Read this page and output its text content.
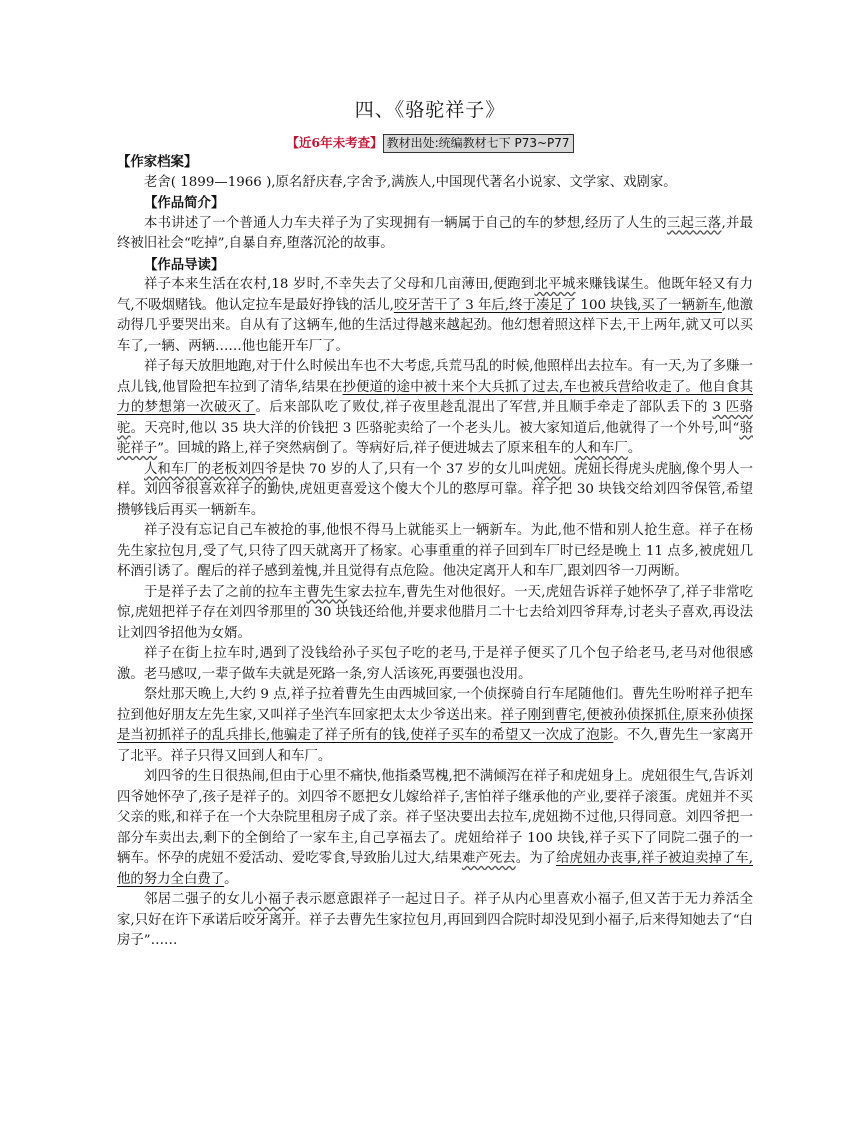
四、《骆驼祥子》
【近6年未考查】 教材出处:统编教材七下 P73~P77
【作家档案】

老舍( 1899—1966 ),原名舒庆春,字舍予,满族人,中国现代著名小说家、文学家、戏剧家。

【作品简介】

本书讲述了一个普通人力车夫祥子为了实现拥有一辆属于自己的车的梦想,经历了人生的三起三落,并最终被旧社会“吃掉”,自暴自弃,堕落沉沦的故事。

【作品导读】

祥子本来生活在农村,18 岁时,不幸失去了父母和几亩薄田,便跑到北平城来赚钱谋生。他既年轻又有力气,不吸烟赌钱。他认定拉车是最好挣钱的活儿,咬牙苦干了 3 年后,终于凑足了 100 块钱,买了一辆新车,他激动得几乎要哭出来。自从有了这辆车,他的生活过得越来越起劲。他幻想着照这样下去,干上两年,就又可以买车了,一辆、两辆……他也能开车厂了。

祥子每天放胆地跑,对于什么时候出车也不大考虑,兵荒马乱的时候,他照样出去拉车。有一天,为了多赚一点儿钱,他冒险把车拉到了清华,结果在抄便道的途中被十来个大兵抓了过去,车也被兵营给收走了。他自食其力的梦想第一次破灭了。后来部队吃了败仗,祥子夜里趁乱混出了军营,并且顺手牵走了部队丢下的 3 匹骆驼。天亮时,他以 35 块大洋的价钱把 3 匹骆驼卖给了一个老头儿。被大家知道后,他就得了一个外号,叫“骆驼祥子”。回城的路上,祥子突然病倒了。等病好后,祥子便进城去了原来租车的人和车厂。

人和车厂的老板刘四爷是快 70 岁的人了,只有一个 37 岁的女儿叫虎妞。虎妞长得虎头虎脑,像个男人一样。刘四爷很喜欢祥子的勤快,虎妞更喜爱这个傻大个儿的憨厚可靠。祥子把 30 块钱交给刘四爷保管,希望攒够钱后再买一辆新车。

祥子没有忘记自己车被抢的事,他恨不得马上就能买上一辆新车。为此,他不惜和别人抢生意。祥子在杨先生家拉包月,受了气,只待了四天就离开了杨家。心事重重的祥子回到车厂时已经是晚上 11 点多,被虎妞几杯酒引诱了。醒后的祥子感到羞愧,并且觉得有点危险。他决定离开人和车厂,跟刘四爷一刀两断。

于是祥子去了之前的拉车主曹先生家去拉车,曹先生对他很好。一天,虎妞告诉祥子她怀孕了,祥子非常吃惊,虎妞把祥子存在刘四爷那里的 30 块钱还给他,并要求他腊月二十七去给刘四爷拜寿,讨老头子喜欢,再设法让刘四爷招他为女婿。

祥子在街上拉车时,遇到了没钱给孙子买包子吃的老马,于是祥子便买了几个包子给老马,老马对他很感激。老马感叹,一辈子做车夫就是死路一条,穷人活该死,再要强也没用。

祭灶那天晚上,大约 9 点,祥子拉着曹先生由西城回家,一个侦探骑自行车尾随他们。曹先生吩咐祥子把车拉到他好朋友左先生家,又叫祥子坐汽车回家把太太少爷送出来。祥子刚到曹宅,便被孙侦探抓住,原来孙侦探是当初抓祥子的乱兵排长,他骗走了祥子所有的钱,使祥子买车的希望又一次成了泡影。不久,曹先生一家离开了北平。祥子只得又回到人和车厂。

刘四爷的生日很热闹,但由于心里不痛快,他指桑骂槐,把不满倾泻在祥子和虎妞身上。虎妞很生气,告诉刘四爷她怀孕了,孩子是祥子的。刘四爷不愿把女儿嫁给祥子,害怕祥子继承他的产业,要祥子滚蛋。虎妞并不买父亲的账,和祥子在一个大杂院里租房子成了亲。祥子坚决要出去拉车,虎妞拗不过他,只得同意。刘四爷把一部分车卖出去,剩下的全倒给了一家车主,自己享福去了。虎妞给祥子 100 块钱,祥子买下了同院二强子的一辆车。怀孕的虎妞不爱活动、爱吃零食,导致胎儿过大,结果难产死去。为了给虎妞办丧事,祥子被迫卖掉了车,他的努力全白费了。

邻居二强子的女儿小福子表示愿意跟祥子一起过日子。祥子从内心里喜欢小福子,但又苦于无力养活全家,只好在许下承诺后咬牙离开。祥子去曹先生家拉包月,再回到四合院时却没见到小福子,后来得知她去了“白房子”……
